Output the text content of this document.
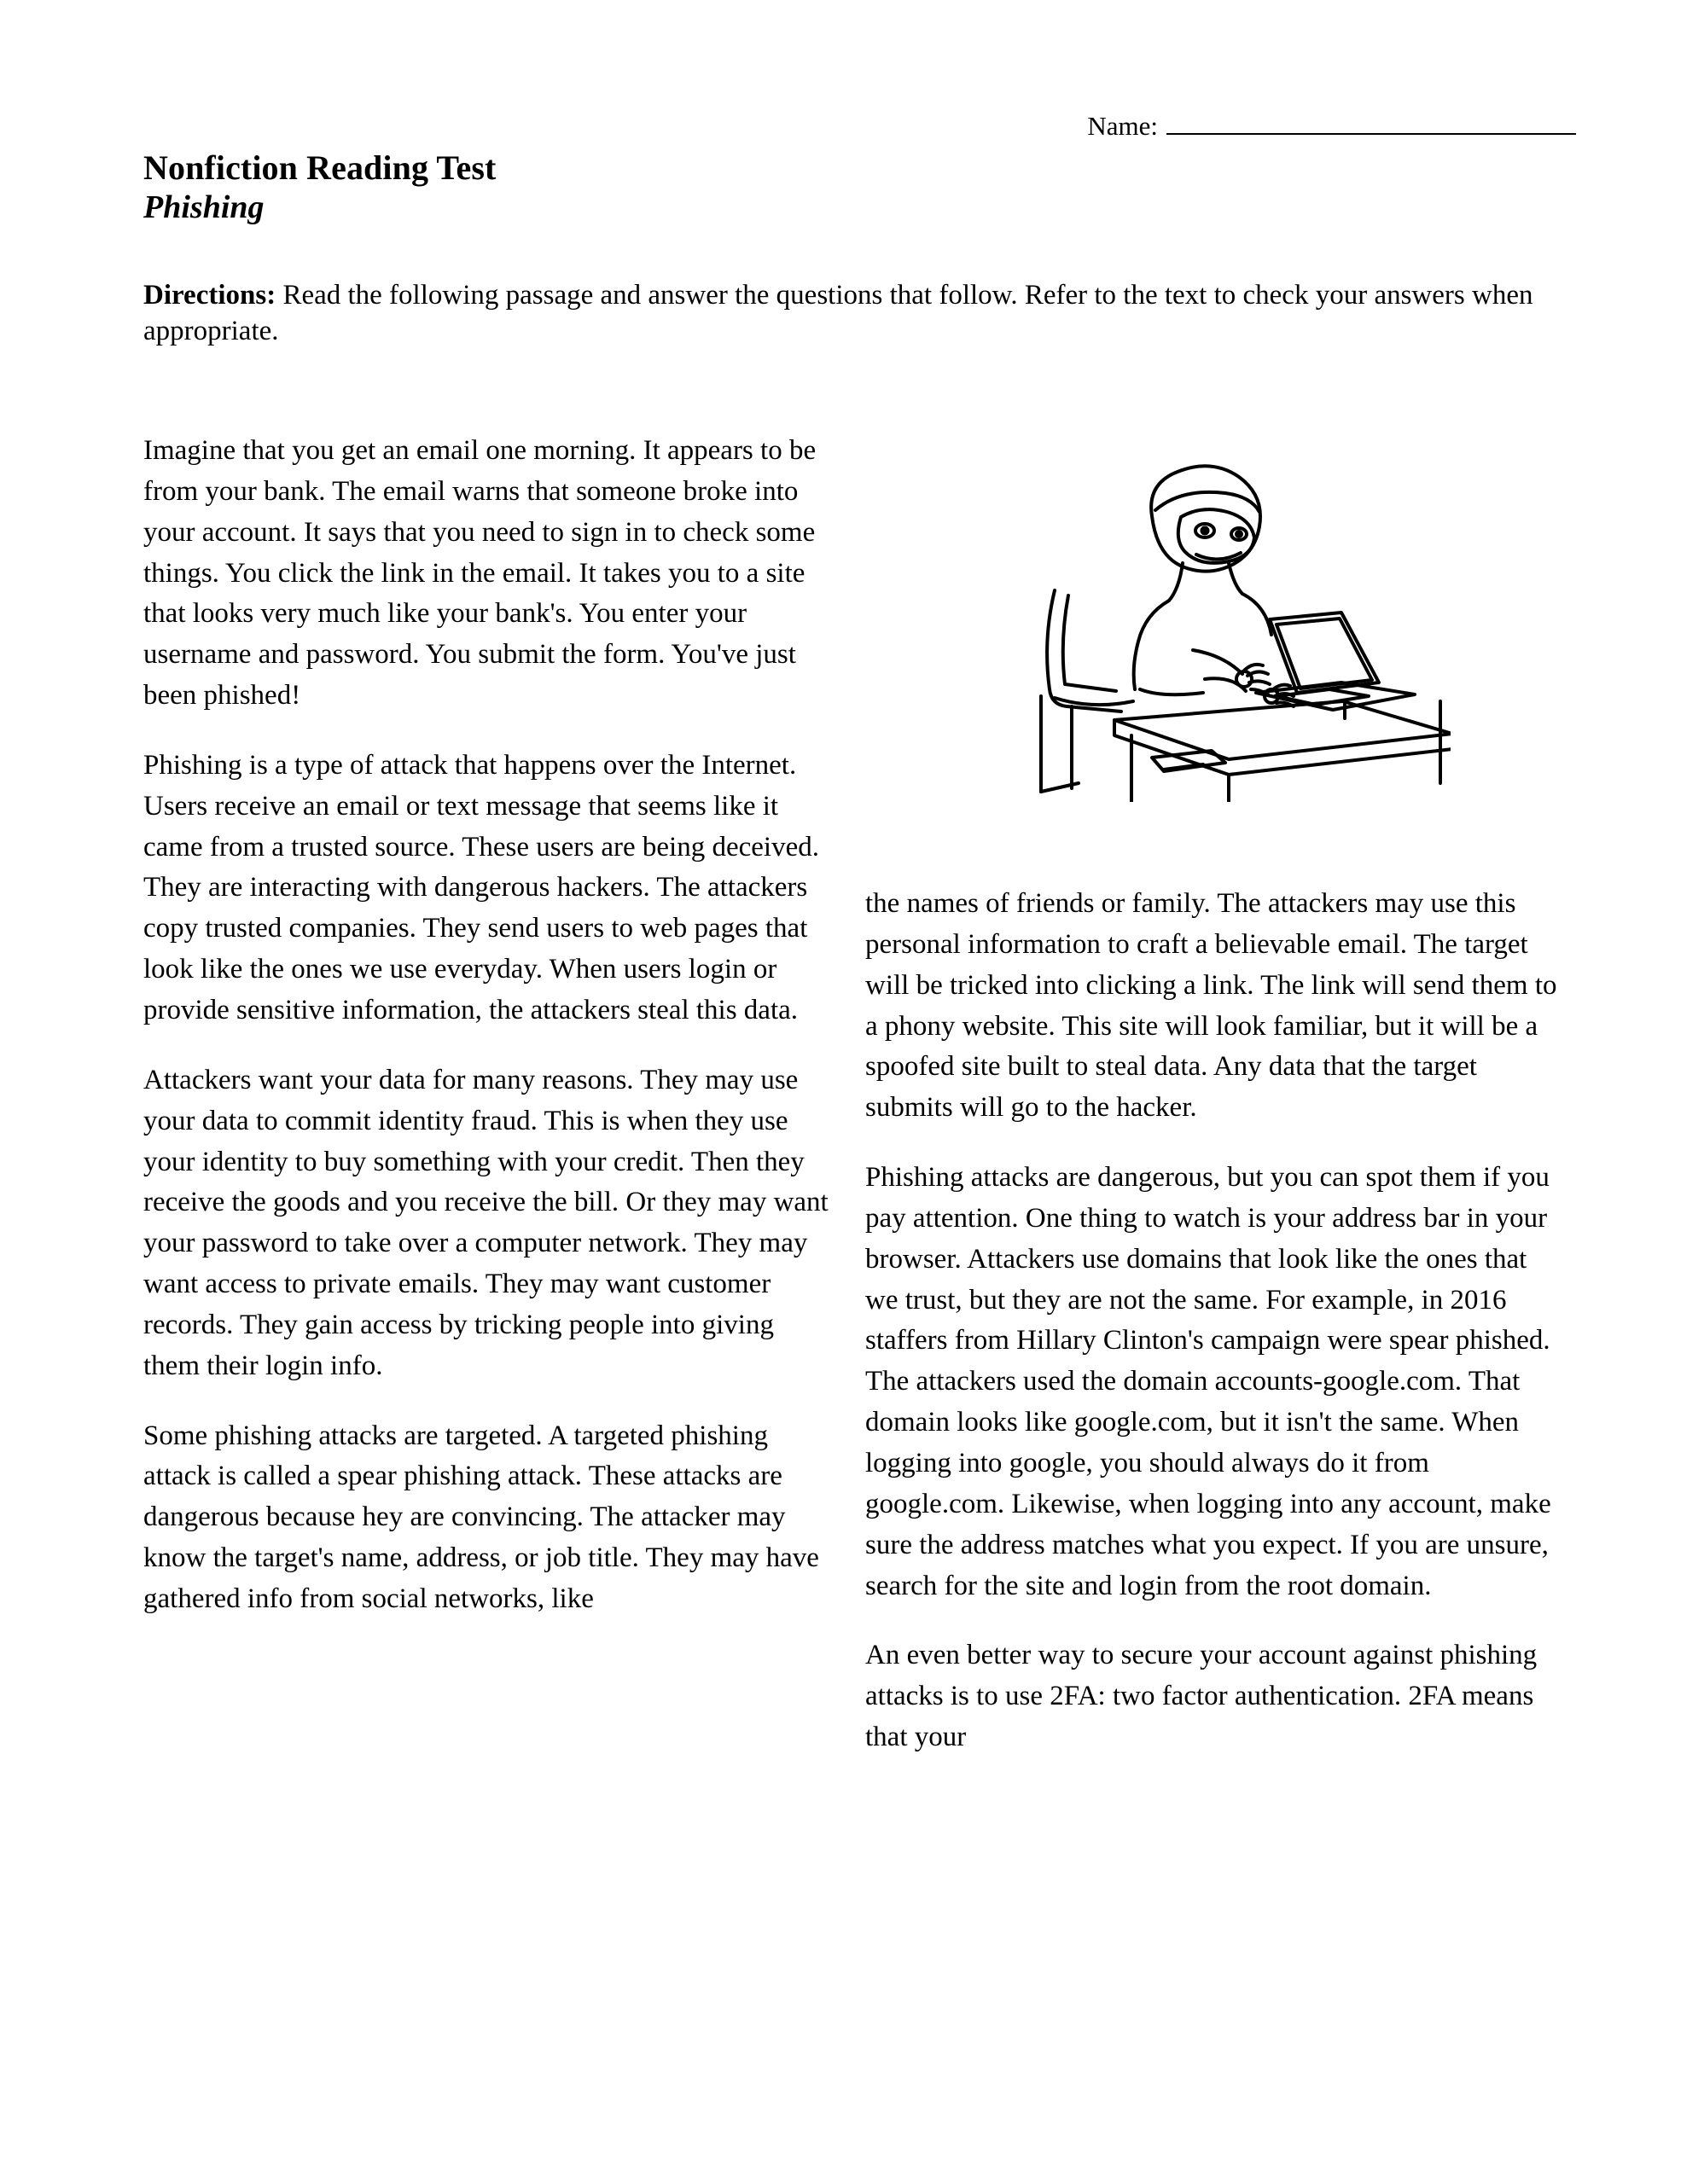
Name:
Nonfiction Reading Test
Phishing
Directions: Read the following passage and answer the questions that follow. Refer to the text to check your answers when appropriate.

Imagine that you get an email one morning. It appears to be from your bank. The email warns that someone broke into your account. It says that you need to sign in to check some things. You click the link in the email. It takes you to a site that looks very much like your bank's. You enter your username and password. You submit the form. You've just been phished!

Phishing is a type of attack that happens over the Internet. Users receive an email or text message that seems like it came from a trusted source. These users are being deceived. They are interacting with dangerous hackers. The attackers copy trusted companies. They send users to web pages that look like the ones we use everyday. When users login or provide sensitive information, the attackers steal this data.

Attackers want your data for many reasons. They may use your data to commit identity fraud. This is when they use your identity to buy something with your credit. Then they receive the goods and you receive the bill. Or they may want your password to take over a computer network. They may want access to private emails. They may want customer records. They gain access by tricking people into giving them their login info.

Some phishing attacks are targeted. A targeted phishing attack is called a spear phishing attack. These attacks are dangerous because hey are convincing. The attacker may know the target's name, address, or job title. They may have gathered info from social networks, like

the names of friends or family. The attackers may use this personal information to craft a believable email. The target will be tricked into clicking a link. The link will send them to a phony website. This site will look familiar, but it will be a spoofed site built to steal data. Any data that the target submits will go to the hacker.

Phishing attacks are dangerous, but you can spot them if you pay attention. One thing to watch is your address bar in your browser. Attackers use domains that look like the ones that we trust, but they are not the same. For example, in 2016 staffers from Hillary Clinton's campaign were spear phished. The attackers used the domain accounts-google.com. That domain looks like google.com, but it isn't the same. When logging into google, you should always do it from google.com. Likewise, when logging into any account, make sure the address matches what you expect. If you are unsure, search for the site and login from the root domain.

An even better way to secure your account against phishing attacks is to use 2FA: two factor authentication. 2FA means that your
